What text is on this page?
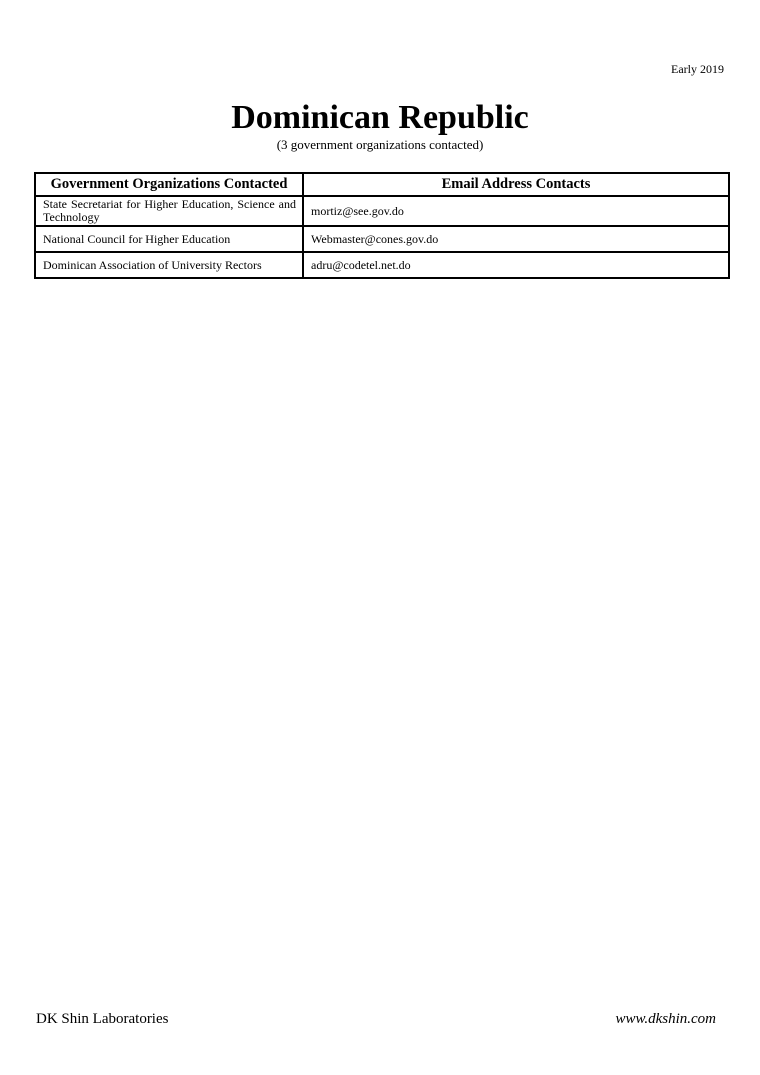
Early 2019
Dominican Republic
(3 government organizations contacted)
Government Organizations Contacted	Email Address Contacts
State Secretariat for Higher Education, Science and Technology	mortiz@see.gov.do
National Council for Higher Education	Webmaster@cones.gov.do
Dominican Association of University Rectors	adru@codetel.net.do
DK Shin Laboratories	www.dkshin.com
